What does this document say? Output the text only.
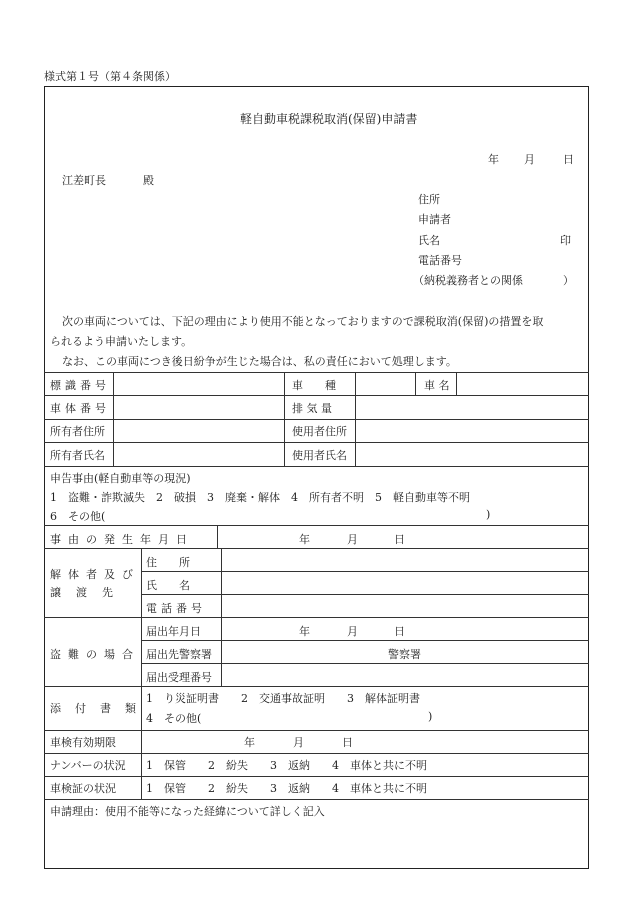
様式第１号（第４条関係）
軽自動車税課税取消(保留)申請書
年 月	日
江差町長	殿
住所
申請者
氏名	印
電話番号
（納税義務者との関係	）
次の車両については、下記の理由により使用不能となっておりますので課税取消(保留)の措置を取
られるよう申請いたします。
なお、この車両につき後日紛争が生じた場合は、私の責任において処理します。
標識番号	車　　種	車 名
車体番号	排 気 量
所有者住所	使用者住所
所有者氏名	使用者氏名
申告事由(軽自動車等の現況)
1　盗難・詐欺滅失　2　破損　3　廃棄・解体　4　所有者不明　5　軽自動車等不明
6　その他(	)
事由の発生年月日	年	月	日
解体者及び
譲　渡　先
住　　所
氏　　名
電話番号
盗難の場合
届出年月日	年	月	日
届出先警察署	警察署
届出受理番号
添付書類
1　り災証明書　　2　交通事故証明　　3　解体証明書
4　その他(	)
車検有効期限	年	月	日
ナンバーの状況 1　保管　　2　紛失　　3　返納　　4　車体と共に不明
車検証の状況	1　保管　　2　紛失　　3　返納　　4　車体と共に不明
申請理由：使用不能等になった経緯について詳しく記入
